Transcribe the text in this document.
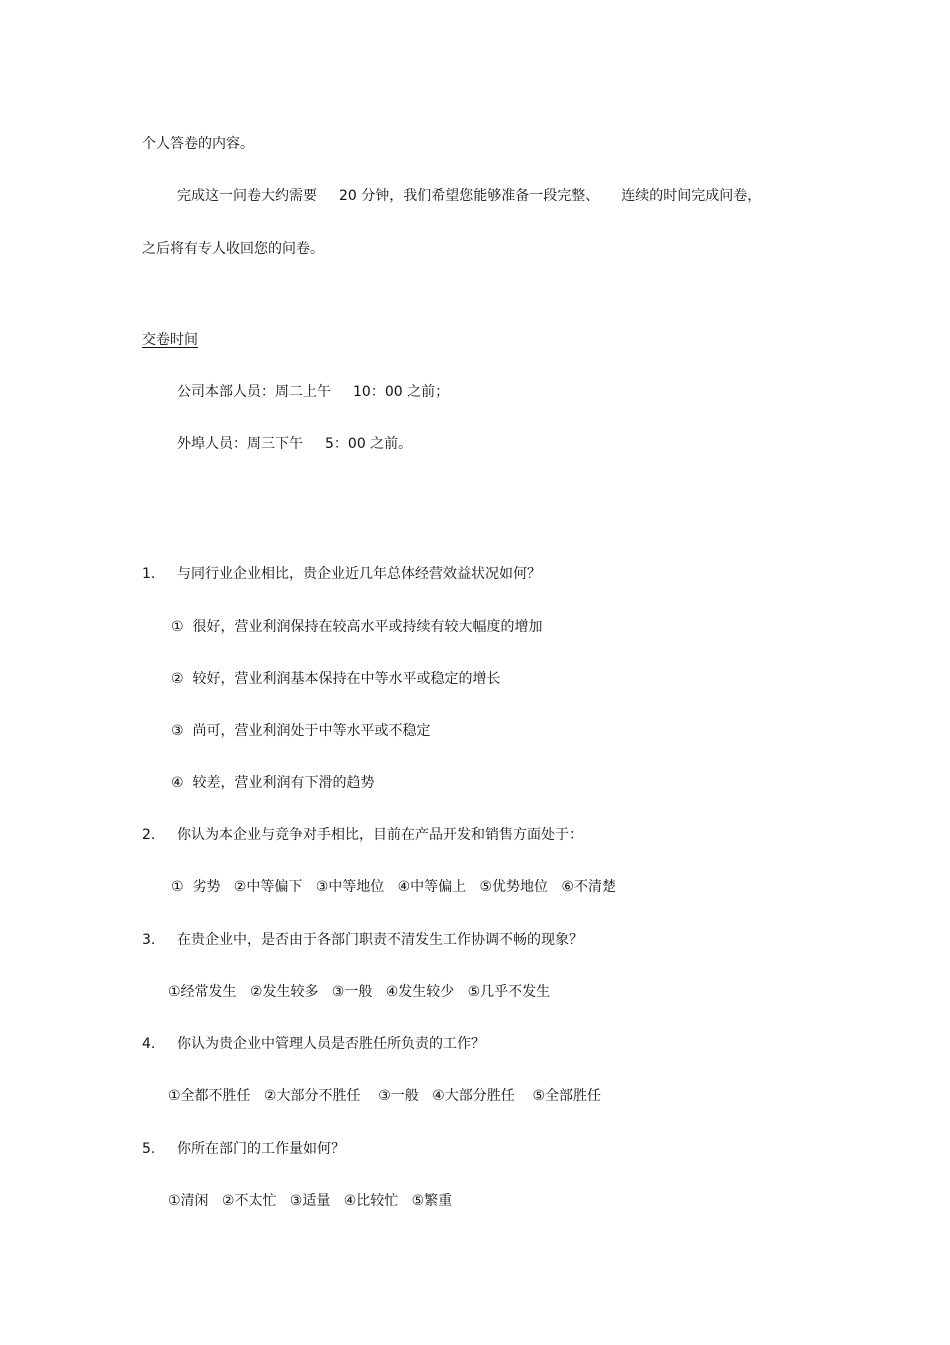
个人答卷的内容。
完成这一问卷大约需要 20 分钟，我们希望您能够准备一段完整、 连续的时间完成问卷，
之后将有专人收回您的问卷。
交卷时间
公司本部人员：周二上午 10：00 之前；
外埠人员：周三下午 5：00 之前。
1. 与同行业企业相比，贵企业近几年总体经营效益状况如何？
①  很好，营业利润保持在较高水平或持续有较大幅度的增加
②  较好，营业利润基本保持在中等水平或稳定的增长
③  尚可，营业利润处于中等水平或不稳定
④  较差，营业利润有下滑的趋势
2. 你认为本企业与竞争对手相比，目前在产品开发和销售方面处于：
①  劣势   ②中等偏下   ③中等地位   ④中等偏上   ⑤优势地位   ⑥不清楚
3. 在贵企业中，是否由于各部门职责不清发生工作协调不畅的现象？
①经常发生   ②发生较多   ③一般   ④发生较少   ⑤几乎不发生
4. 你认为贵企业中管理人员是否胜任所负责的工作？
①全都不胜任   ②大部分不胜任    ③一般   ④大部分胜任    ⑤全部胜任
5. 你所在部门的工作量如何？
①清闲   ②不太忙   ③适量   ④比较忙   ⑤繁重
